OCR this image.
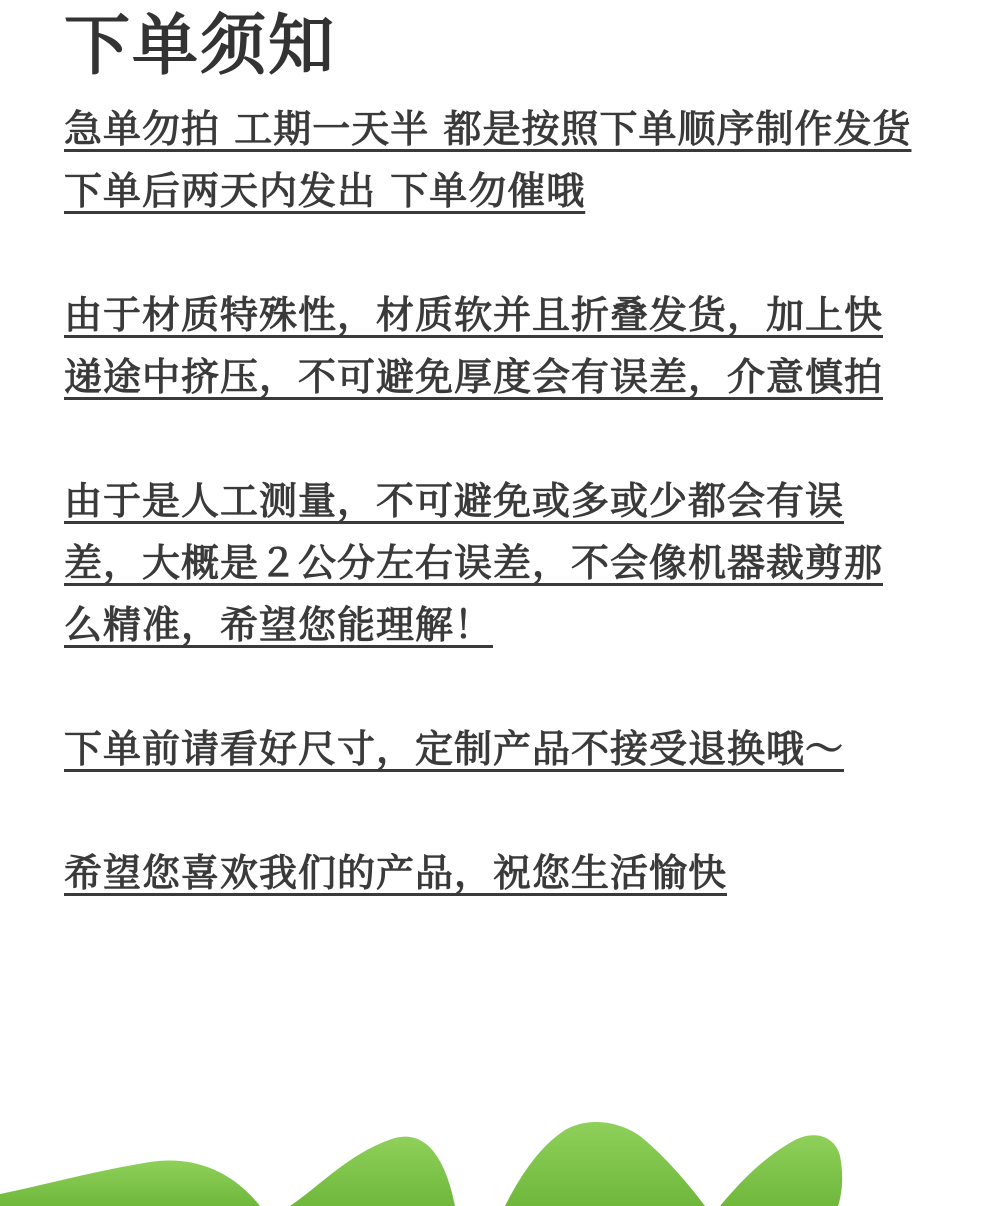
下单须知

急单勿拍 工期一天半 都是按照下单顺序制作发货 下单后两天内发出 下单勿催哦

由于材质特殊性，材质软并且折叠发货，加上快递途中挤压，不可避免厚度会有误差，介意慎拍

由于是人工测量，不可避免或多或少都会有误差，大概是２公分左右误差，不会像机器裁剪那么精准，希望您能理解！

下单前请看好尺寸，定制产品不接受退换哦～

希望您喜欢我们的产品，祝您生活愉快
